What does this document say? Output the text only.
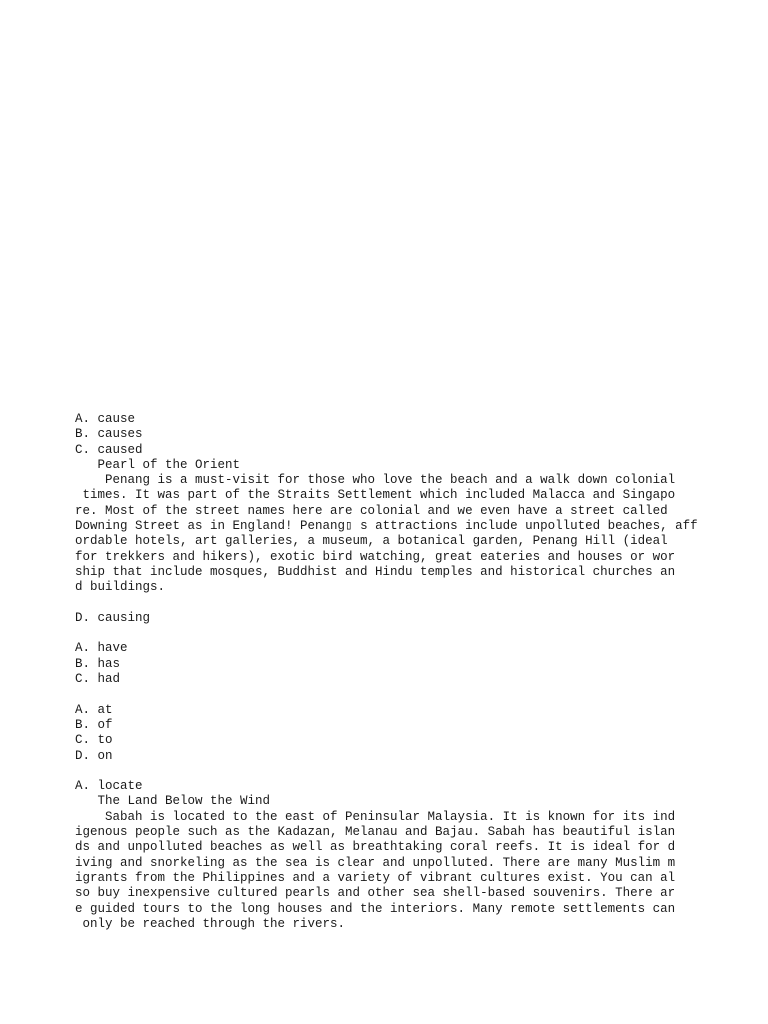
A. cause
B. causes
C. caused
Pearl of the Orient
Penang is a must-visit for those who love the beach and a walk down colonial
times. It was part of the Straits Settlement which included Malacca and Singapo
re. Most of the street names here are colonial and we even have a street called
Downing Street as in England! Penang▯ s attractions include unpolluted beaches, aff
ordable hotels, art galleries, a museum, a botanical garden, Penang Hill (ideal
for trekkers and hikers), exotic bird watching, great eateries and houses or wor
ship that include mosques, Buddhist and Hindu temples and historical churches an
d buildings.
D. causing
A. have
B. has
C. had
A. at
B. of
C. to
D. on
A. locate
The Land Below the Wind
Sabah is located to the east of Peninsular Malaysia. It is known for its ind
igenous people such as the Kadazan, Melanau and Bajau. Sabah has beautiful islan
ds and unpolluted beaches as well as breathtaking coral reefs. It is ideal for d
iving and snorkeling as the sea is clear and unpolluted. There are many Muslim m
igrants from the Philippines and a variety of vibrant cultures exist. You can al
so buy inexpensive cultured pearls and other sea shell-based souvenirs. There ar
e guided tours to the long houses and the interiors. Many remote settlements can
only be reached through the rivers.
